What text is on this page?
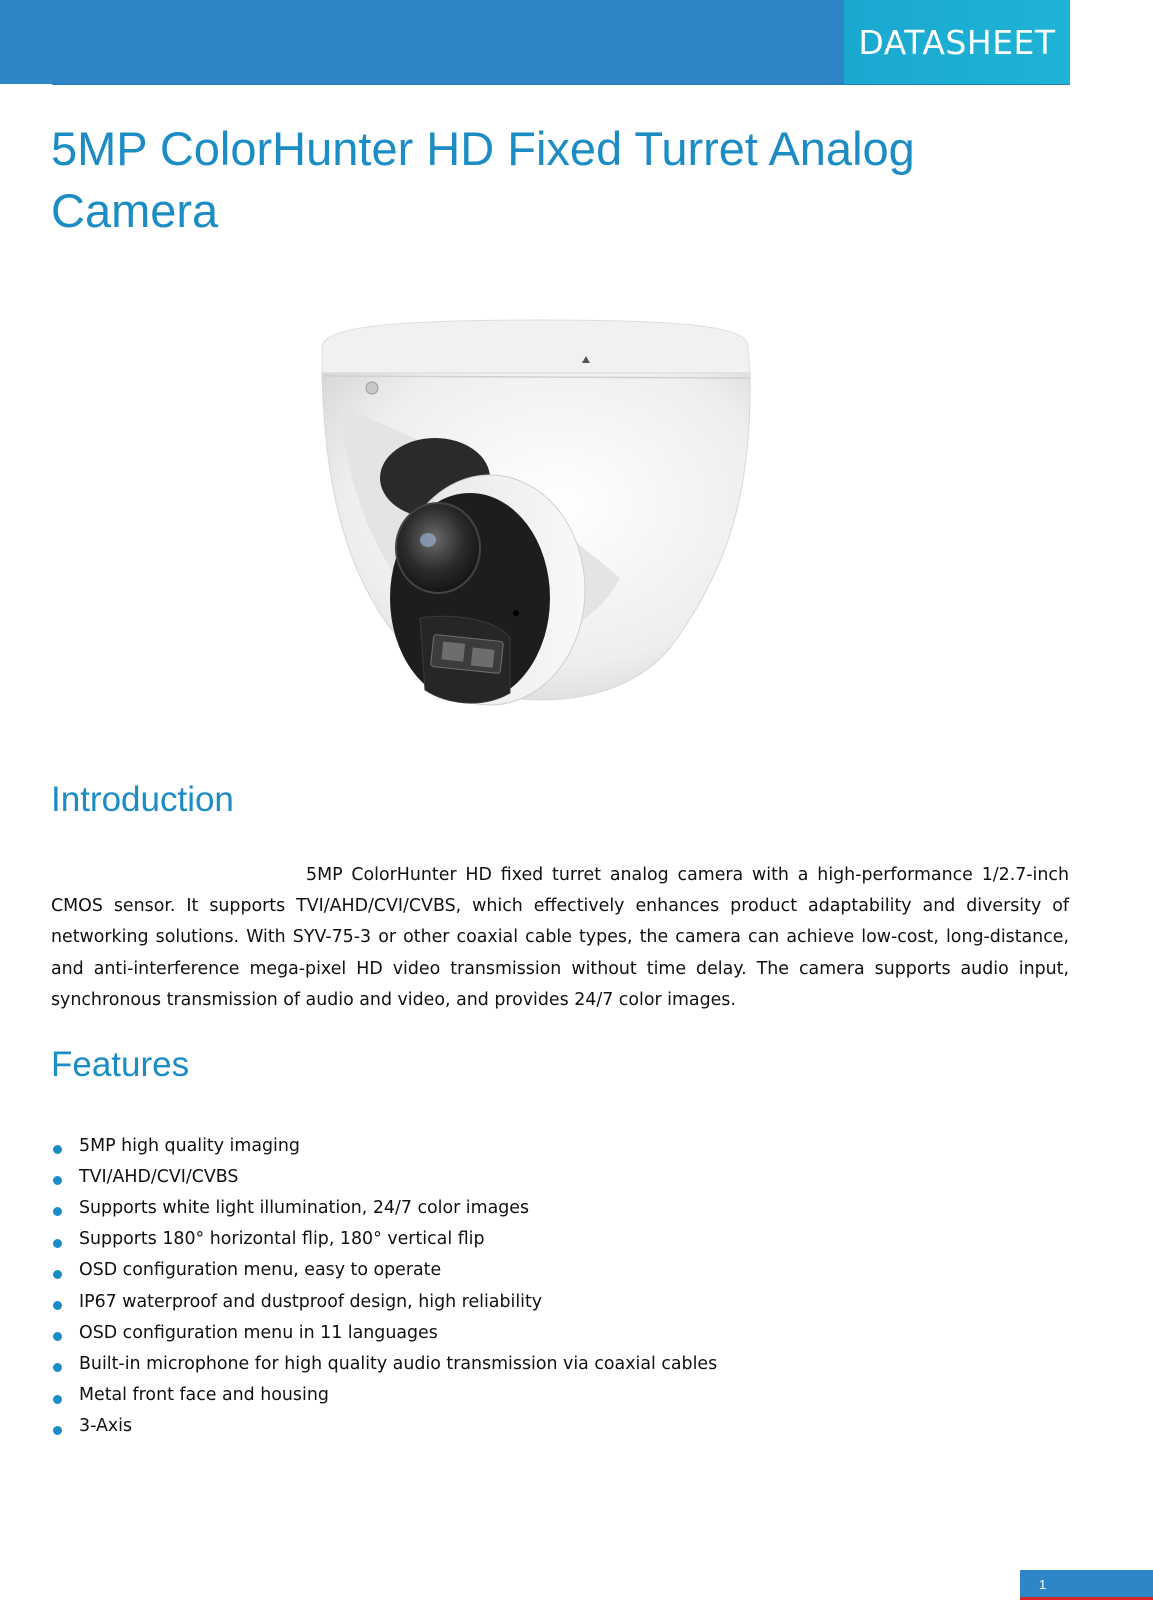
DATASHEET
5MP ColorHunter HD Fixed Turret Analog Camera
Introduction

5MP ColorHunter HD fixed turret analog camera with a high-performance 1/2.7-inch CMOS sensor. It supports TVI/AHD/CVI/CVBS, which effectively enhances product adaptability and diversity of networking solutions. With SYV-75-3 or other coaxial cable types, the camera can achieve low-cost, long-distance, and anti-interference mega-pixel HD video transmission without time delay. The camera supports audio input, synchronous transmission of audio and video, and provides 24/7 color images.

Features
5MP high quality imaging
TVI/AHD/CVI/CVBS
Supports white light illumination, 24/7 color images
Supports 180° horizontal flip, 180° vertical flip
OSD configuration menu, easy to operate
IP67 waterproof and dustproof design, high reliability
OSD configuration menu in 11 languages
Built-in microphone for high quality audio transmission via coaxial cables
Metal front face and housing
3-Axis
1
